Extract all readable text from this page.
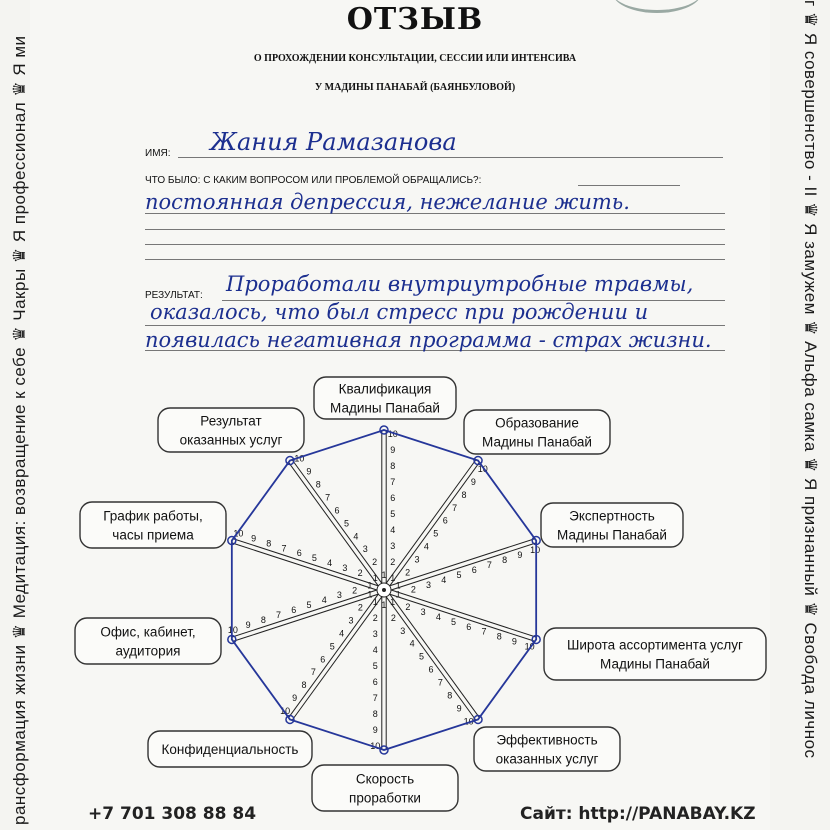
рансформация жизни ♛ Медитация: возвращение к себе ♛ Чакры ♛ Я профессионал ♛ Я ми	г ♛ Я совершенство - II ♛ Я замужем ♛ Альфа самка ♛ Я признанный ♛ Свобода личнос
ОТЗЫВ
О ПРОХОЖДЕНИИ КОНСУЛЬТАЦИИ, СЕССИИ ИЛИ ИНТЕНСИВА
У МАДИНЫ ПАНАБАЙ (БАЯНБУЛОВОЙ)
ИМЯ: Жания Рамазанова
ЧТО БЫЛО: С КАКИМ ВОПРОСОМ ИЛИ ПРОБЛЕМОЙ ОБРАЩАЛИСЬ?:
постоянная депрессия, нежелание жить.
РЕЗУЛЬТАТ: Проработали внутриутробные травмы,
оказалось, что был стресс при рождении и
появилась негативная программа - страх жизни.
1
2
3
4
5
6
7
8
9
10
1
2
3
4
5
6
7
8
9
10
1 2 3 4 5 6 7 8 9 10
1 2 3 4 5 6 7 8 9 10
1
2
3
4
5
6
7
8
9
10
1
2
3
4
5
6
7
8
9
10
1
2
3
4
5
6
7
8
9
10
1
2
3
4
5
6
7
8
9
10
1
2
3
4
5
6
7
8
9
10
1
2
3
4
5
6
7
8
9
10
Квалификация
Мадины Панабай
Образование
Мадины Панабай
Экспертность
Мадины Панабай
Широта ассортимента услуг
Мадины Панабай
Эффективность
оказанных услуг
Скорость
проработки
Конфиденциальность
Офис, кабинет,
аудитория
График работы,
часы приема
Результат
оказанных услуг
+7 701 308 88 84	Сайт: http://PANABAY.KZ
